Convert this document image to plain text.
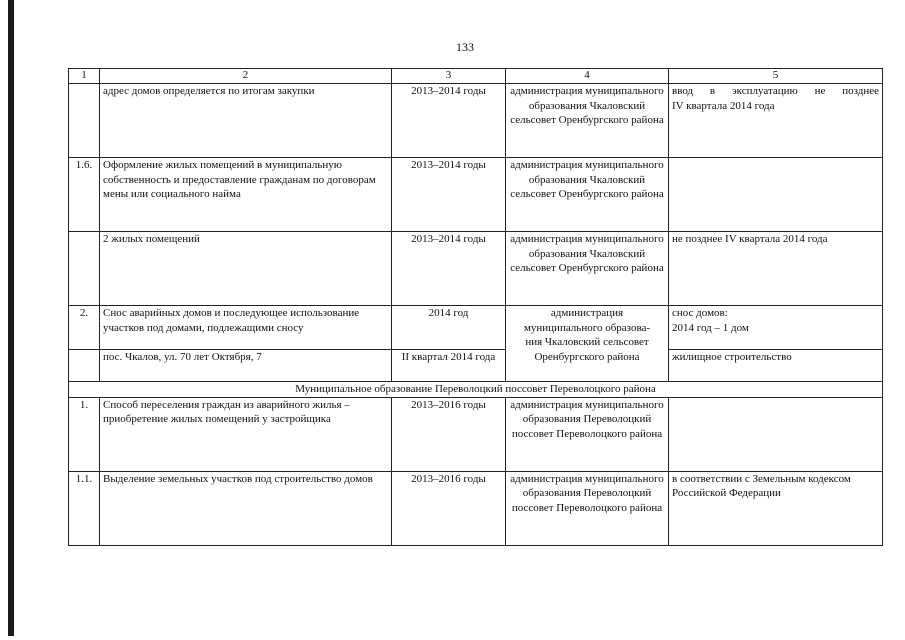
133
1	2	3	4	5
	адрес домов определяется по итогам закупки	2013–2014 годы	администрация муниципального образования Чкаловский сельсовет Оренбургского района	ввод в эксплуатацию не позднее
IV квартала 2014 года

1.6.	Оформление жилых помещений в муниципальную собственность и предоставление гражданам по договорам мены или социального найма	2013–2014 годы	администрация муниципального образования Чкаловский сельсовет Оренбургского района	
	2 жилых помещений	2013–2014 годы	администрация муниципального образования Чкаловский сельсовет Оренбургского района	не позднее IV квартала 2014 года
2.	Снос аварийных домов и последующее использование участков под домами, подлежащими сносу	2014 год	администрация
муниципального образова-
ния Чкаловский сельсовет
Оренбургского района	снос домов:
2014 год – 1 дом

	пос. Чкалов, ул. 70 лет Октября, 7	II квартал 2014 года		жилищное строительство
Муниципальное образование Переволоцкий поссовет Переволоцкого района				
1.	Способ переселения граждан из аварийного жилья – приобретение жилых помещений у застройщика	2013–2016 годы	администрация муниципального образования Переволоцкий поссовет Переволоцкого района	
1.1.	Выделение земельных участков под строительство домов	2013–2016 годы	администрация муниципального образования Переволоцкий поссовет Переволоцкого района	в соответствии с Земельным кодексом Российской Федерации
